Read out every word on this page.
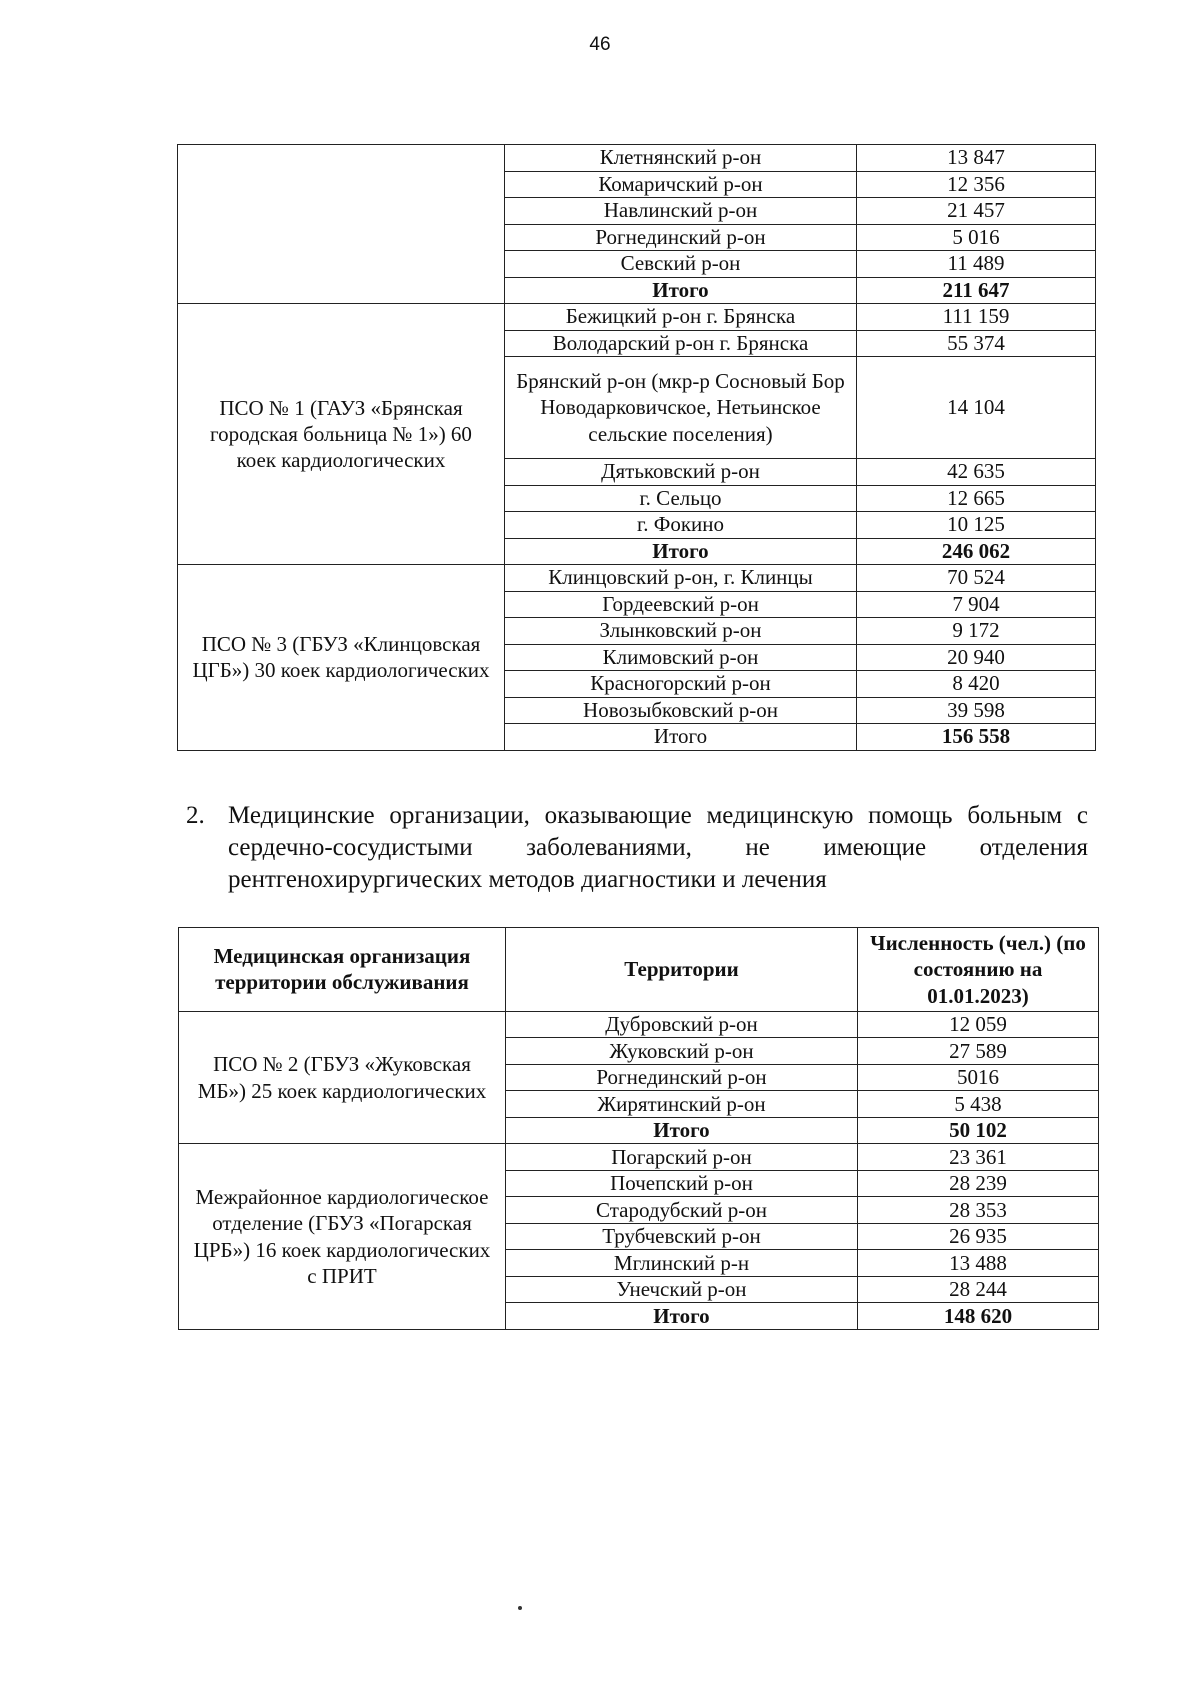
46
	Клетнянский р-он	13 847
	Комаричский р-он	12 356
	Навлинский р-он	21 457
	Рогнединский р-он	5 016
	Севский р-он	11 489
	Итого	211 647
ПСО № 1 (ГАУЗ «Брянская городская больница № 1») 60 коек кардиологических	Бежицкий р-он г. Брянска	111 159
	Володарский р-он г. Брянска	55 374
	Брянский р-он (мкр-р Сосновый Бор Новодарковичское, Нетьинское сельские поселения)	14 104
	Дятьковский р-он	42 635
	г. Сельцо	12 665
	г. Фокино	10 125
	Итого	246 062
ПСО № 3 (ГБУЗ «Клинцовская ЦГБ») 30 коек кардиологических	Клинцовский р-он, г. Клинцы	70 524
	Гордеевский р-он	7 904
	Злынковский р-он	9 172
	Климовский р-он	20 940
	Красногорский р-он	8 420
	Новозыбковский р-он	39 598
	Итого	156 558
2. Медицинские организации, оказывающие медицинскую помощь больным с сердечно-сосудистыми заболеваниями, не имеющие отделения рентгенохирургических методов диагностики и лечения
Медицинская организация территории обслуживания	Территории	Численность (чел.) (по состоянию на 01.01.2023)
ПСО № 2 (ГБУЗ «Жуковская МБ») 25 коек кардиологических	Дубровский р-он	12 059
	Жуковский р-он	27 589
	Рогнединский р-он	5016
	Жирятинский р-он	5 438
	Итого	50 102
Межрайонное кардиологическое отделение (ГБУЗ «Погарская ЦРБ») 16 коек кардиологических с ПРИТ	Погарский р-он	23 361
	Почепский р-он	28 239
	Стародубский р-он	28 353
	Трубчевский р-он	26 935
	Мглинский р-н	13 488
	Унечский р-он	28 244
	Итого	148 620
